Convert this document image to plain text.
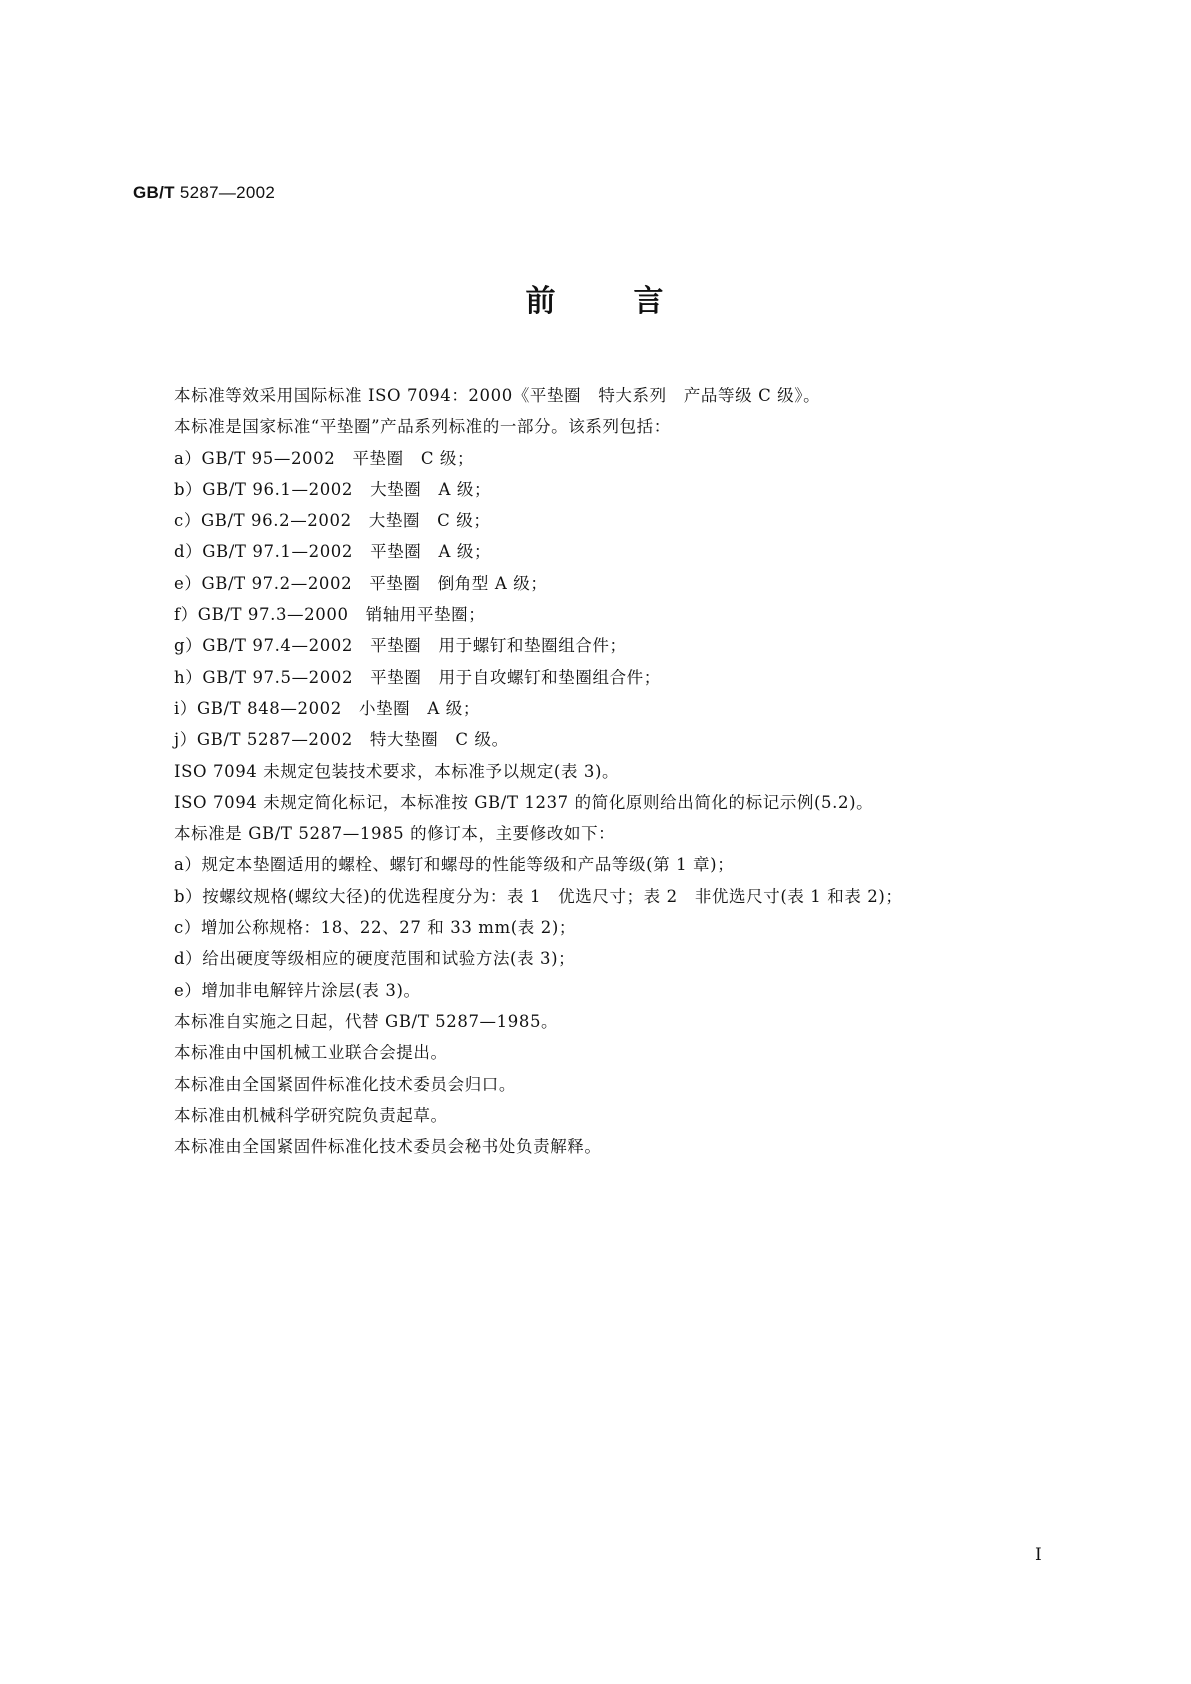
GB/T 5287—2002
前	言
本标准等效采用国际标准 ISO 7094：2000《平垫圈　特大系列　产品等级 C 级》。
本标准是国家标准“平垫圈”产品系列标准的一部分。该系列包括：
a）GB/T 95—2002　平垫圈　C 级；
b）GB/T 96.1—2002　大垫圈　A 级；
c）GB/T 96.2—2002　大垫圈　C 级；
d）GB/T 97.1—2002　平垫圈　A 级；
e）GB/T 97.2—2002　平垫圈　倒角型 A 级；
f）GB/T 97.3—2000　销轴用平垫圈；
g）GB/T 97.4—2002　平垫圈　用于螺钉和垫圈组合件；
h）GB/T 97.5—2002　平垫圈　用于自攻螺钉和垫圈组合件；
i）GB/T 848—2002　小垫圈　A 级；
j）GB/T 5287—2002　特大垫圈　C 级。
ISO 7094 未规定包装技术要求，本标准予以规定(表 3)。
ISO 7094 未规定简化标记，本标准按 GB/T 1237 的简化原则给出简化的标记示例(5.2)。
本标准是 GB/T 5287—1985 的修订本，主要修改如下：
a）规定本垫圈适用的螺栓、螺钉和螺母的性能等级和产品等级(第 1 章)；
b）按螺纹规格(螺纹大径)的优选程度分为：表 1　优选尺寸；表 2　非优选尺寸(表 1 和表 2)；
c）增加公称规格：18、22、27 和 33 mm(表 2)；
d）给出硬度等级相应的硬度范围和试验方法(表 3)；
e）增加非电解锌片涂层(表 3)。
本标准自实施之日起，代替 GB/T 5287—1985。
本标准由中国机械工业联合会提出。
本标准由全国紧固件标准化技术委员会归口。
本标准由机械科学研究院负责起草。
本标准由全国紧固件标准化技术委员会秘书处负责解释。
I
